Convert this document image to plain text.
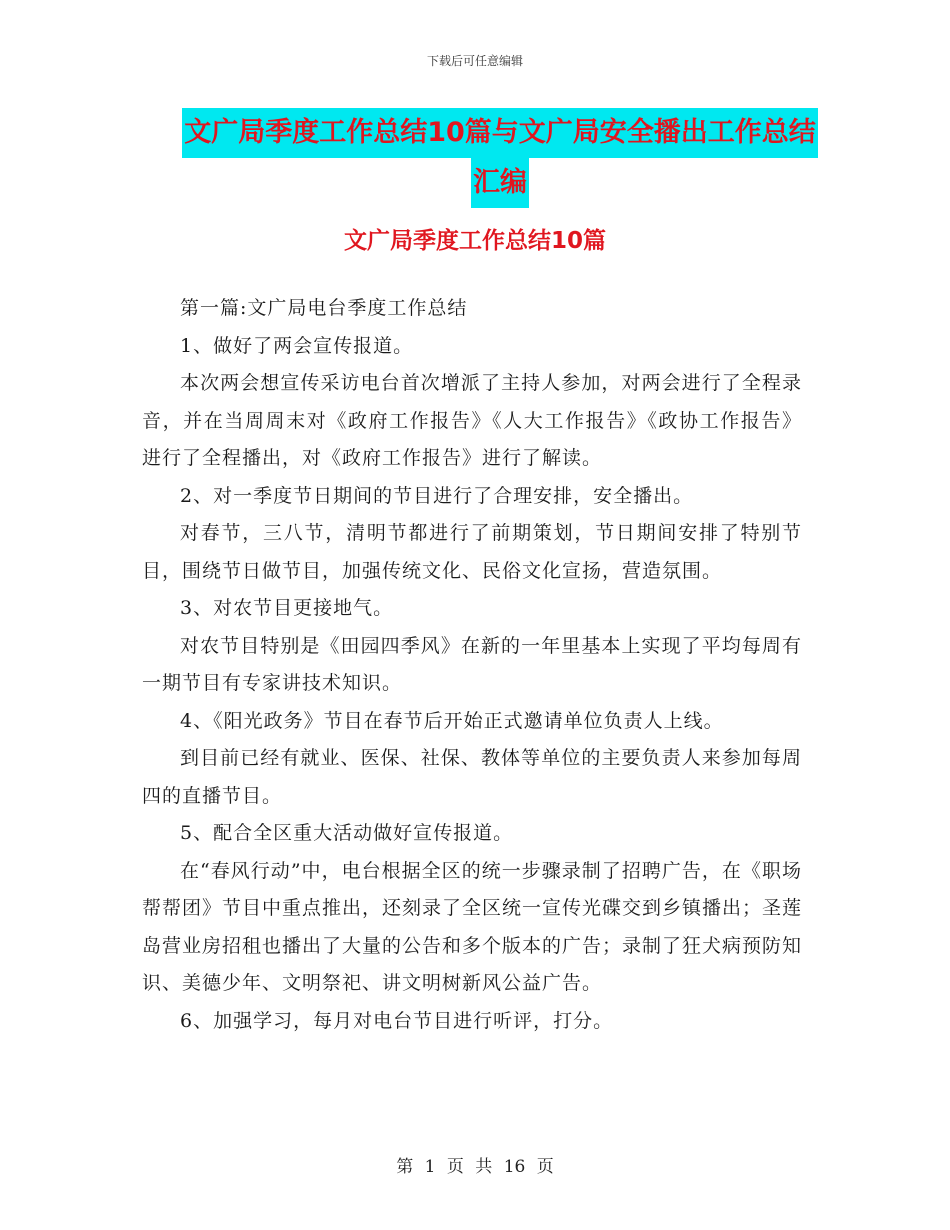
下载后可任意编辑
文广局季度工作总结10篇与文广局安全播出工作总结
汇编
文广局季度工作总结10篇

第一篇:文广局电台季度工作总结

1、做好了两会宣传报道。

本次两会想宣传采访电台首次增派了主持人参加，对两会进行了全程录音，并在当周周末对《政府工作报告》《人大工作报告》《政协工作报告》进行了全程播出，对《政府工作报告》进行了解读。

2、对一季度节日期间的节目进行了合理安排，安全播出。

对春节，三八节，清明节都进行了前期策划，节日期间安排了特别节目，围绕节日做节目，加强传统文化、民俗文化宣扬，营造氛围。

3、对农节目更接地气。

对农节目特别是《田园四季风》在新的一年里基本上实现了平均每周有一期节目有专家讲技术知识。

4、《阳光政务》节目在春节后开始正式邀请单位负责人上线。

到目前已经有就业、医保、社保、教体等单位的主要负责人来参加每周四的直播节目。

5、配合全区重大活动做好宣传报道。

在“春风行动”中，电台根据全区的统一步骤录制了招聘广告，在《职场帮帮团》节目中重点推出，还刻录了全区统一宣传光碟交到乡镇播出；圣莲岛营业房招租也播出了大量的公告和多个版本的广告；录制了狂犬病预防知识、美德少年、文明祭祀、讲文明树新风公益广告。

6、加强学习，每月对电台节目进行听评，打分。

第 1 页 共 16 页
